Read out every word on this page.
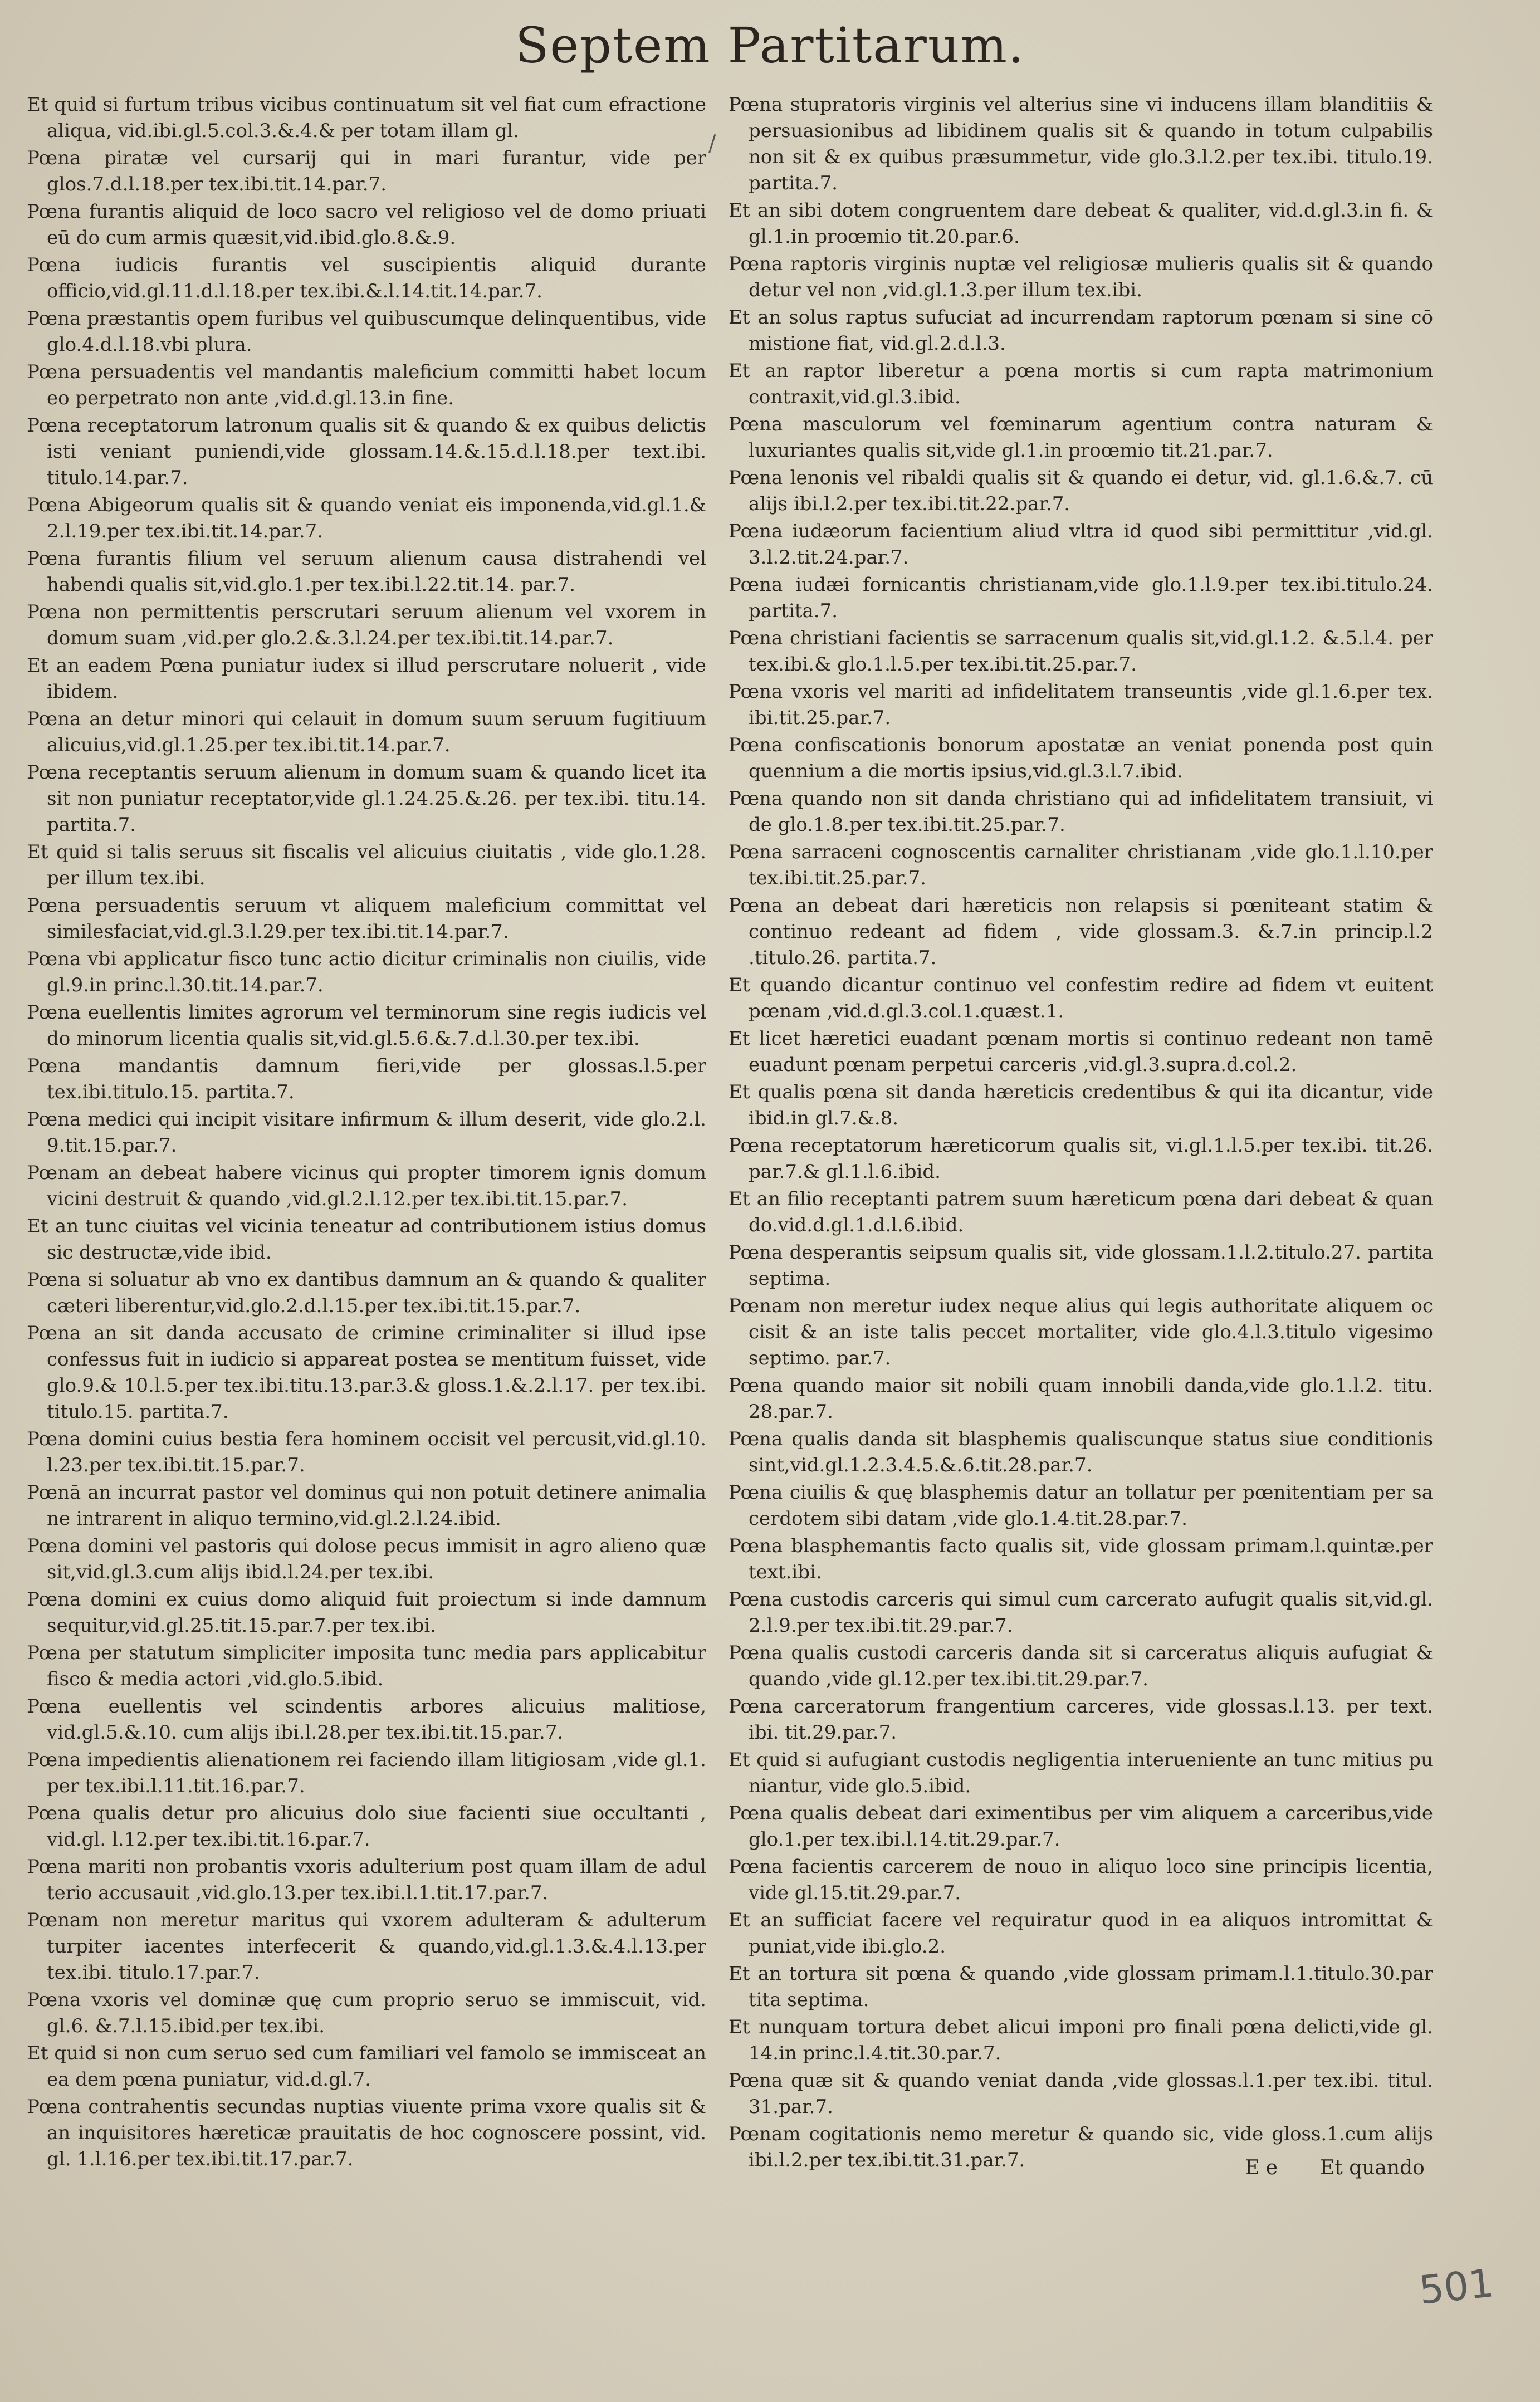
Septem Partitarum.
/
Et quid si furtum tribus vicibus continuatum sit vel fiat cum efractione aliqua, vid.ibi.gl.5.col.3.&.4.& per totam illam gl.
Pœna piratæ vel cursarij qui in mari furantur, vide per glos.7.d.l.18.per tex.ibi.tit.14.par.7.
Pœna furantis aliquid de loco sacro vel religioso vel de domo priuati eū do cum armis quæsit,vid.ibid.glo.8.&.9.
Pœna iudicis furantis vel suscipientis aliquid durante officio,vid.gl.11.d.l.18.per tex.ibi.&.l.14.tit.14.par.7.
Pœna præstantis opem furibus vel quibuscumque delinquentibus, vide glo.4.d.l.18.vbi plura.
Pœna persuadentis vel mandantis maleficium committi habet locum eo perpetrato non ante ,vid.d.gl.13.in fine.
Pœna receptatorum latronum qualis sit & quando & ex quibus delictis isti veniant puniendi,vide glossam.14.&.15.d.l.18.per text.ibi. titulo.14.par.7.
Pœna Abigeorum qualis sit & quando veniat eis imponenda,vid.gl.1.& 2.l.19.per tex.ibi.tit.14.par.7.
Pœna furantis filium vel seruum alienum causa distrahendi vel habendi qualis sit,vid.glo.1.per tex.ibi.l.22.tit.14. par.7.
Pœna non permittentis perscrutari seruum alienum vel vxorem in domum suam ,vid.per glo.2.&.3.l.24.per tex.ibi.tit.14.par.7.
Et an eadem Pœna puniatur iudex si illud perscrutare noluerit , vide ibidem.
Pœna an detur minori qui celauit in domum suum seruum fugitiuum alicuius,vid.gl.1.25.per tex.ibi.tit.14.par.7.
Pœna receptantis seruum alienum in domum suam & quando licet ita sit non puniatur receptator,vide gl.1.24.25.&.26. per tex.ibi. titu.14. partita.7.
Et quid si talis seruus sit fiscalis vel alicuius ciuitatis , vide glo.1.28. per illum tex.ibi.
Pœna persuadentis seruum vt aliquem maleficium committat vel similesfaciat,vid.gl.3.l.29.per tex.ibi.tit.14.par.7.
Pœna vbi applicatur fisco tunc actio dicitur criminalis non ciuilis, vide gl.9.in princ.l.30.tit.14.par.7.
Pœna euellentis limites agrorum vel terminorum sine regis iudicis vel do minorum licentia qualis sit,vid.gl.5.6.&.7.d.l.30.per tex.ibi.
Pœna mandantis damnum fieri,vide per glossas.l.5.per tex.ibi.titulo.15. partita.7.
Pœna medici qui incipit visitare infirmum & illum deserit, vide glo.2.l. 9.tit.15.par.7.
Pœnam an debeat habere vicinus qui propter timorem ignis domum vicini destruit & quando ,vid.gl.2.l.12.per tex.ibi.tit.15.par.7.
Et an tunc ciuitas vel vicinia teneatur ad contributionem istius domus sic destructæ,vide ibid.
Pœna si soluatur ab vno ex dantibus damnum an & quando & qualiter cæteri liberentur,vid.glo.2.d.l.15.per tex.ibi.tit.15.par.7.
Pœna an sit danda accusato de crimine criminaliter si illud ipse confessus fuit in iudicio si appareat postea se mentitum fuisset, vide glo.9.& 10.l.5.per tex.ibi.titu.13.par.3.& gloss.1.&.2.l.17. per tex.ibi. titulo.15. partita.7.
Pœna domini cuius bestia fera hominem occisit vel percusit,vid.gl.10. l.23.per tex.ibi.tit.15.par.7.
Pœnā an incurrat pastor vel dominus qui non potuit detinere animalia ne intrarent in aliquo termino,vid.gl.2.l.24.ibid.
Pœna domini vel pastoris qui dolose pecus immisit in agro alieno quæ sit,vid.gl.3.cum alijs ibid.l.24.per tex.ibi.
Pœna domini ex cuius domo aliquid fuit proiectum si inde damnum sequitur,vid.gl.25.tit.15.par.7.per tex.ibi.
Pœna per statutum simpliciter imposita tunc media pars applicabitur fisco & media actori ,vid.glo.5.ibid.
Pœna euellentis vel scindentis arbores alicuius malitiose, vid.gl.5.&.10. cum alijs ibi.l.28.per tex.ibi.tit.15.par.7.
Pœna impedientis alienationem rei faciendo illam litigiosam ,vide gl.1. per tex.ibi.l.11.tit.16.par.7.
Pœna qualis detur pro alicuius dolo siue facienti siue occultanti , vid.gl. l.12.per tex.ibi.tit.16.par.7.
Pœna mariti non probantis vxoris adulterium post quam illam de adul terio accusauit ,vid.glo.13.per tex.ibi.l.1.tit.17.par.7.
Pœnam non meretur maritus qui vxorem adulteram & adulterum turpiter iacentes interfecerit & quando,vid.gl.1.3.&.4.l.13.per tex.ibi. titulo.17.par.7.
Pœna vxoris vel dominæ quę cum proprio seruo se immiscuit, vid. gl.6. &.7.l.15.ibid.per tex.ibi.
Et quid si non cum seruo sed cum familiari vel famolo se immisceat an ea dem pœna puniatur, vid.d.gl.7.
Pœna contrahentis secundas nuptias viuente prima vxore qualis sit & an inquisitores hæreticæ prauitatis de hoc cognoscere possint, vid. gl. 1.l.16.per tex.ibi.tit.17.par.7.
Pœna stupratoris virginis vel alterius sine vi inducens illam blanditiis & persuasionibus ad libidinem qualis sit & quando in totum culpabilis non sit & ex quibus præsummetur, vide glo.3.l.2.per tex.ibi. titulo.19. partita.7.
Et an sibi dotem congruentem dare debeat & qualiter, vid.d.gl.3.in fi. & gl.1.in proœmio tit.20.par.6.
Pœna raptoris virginis nuptæ vel religiosæ mulieris qualis sit & quando detur vel non ,vid.gl.1.3.per illum tex.ibi.
Et an solus raptus sufuciat ad incurrendam raptorum pœnam si sine cō mistione fiat, vid.gl.2.d.l.3.
Et an raptor liberetur a pœna mortis si cum rapta matrimonium contraxit,vid.gl.3.ibid.
Pœna masculorum vel fœminarum agentium contra naturam & luxuriantes qualis sit,vide gl.1.in proœmio tit.21.par.7.
Pœna lenonis vel ribaldi qualis sit & quando ei detur, vid. gl.1.6.&.7. cū alijs ibi.l.2.per tex.ibi.tit.22.par.7.
Pœna iudæorum facientium aliud vltra id quod sibi permittitur ,vid.gl. 3.l.2.tit.24.par.7.
Pœna iudæi fornicantis christianam,vide glo.1.l.9.per tex.ibi.titulo.24. partita.7.
Pœna christiani facientis se sarracenum qualis sit,vid.gl.1.2. &.5.l.4. per tex.ibi.& glo.1.l.5.per tex.ibi.tit.25.par.7.
Pœna vxoris vel mariti ad infidelitatem transeuntis ,vide gl.1.6.per tex. ibi.tit.25.par.7.
Pœna confiscationis bonorum apostatæ an veniat ponenda post quin quennium a die mortis ipsius,vid.gl.3.l.7.ibid.
Pœna quando non sit danda christiano qui ad infidelitatem transiuit, vi de glo.1.8.per tex.ibi.tit.25.par.7.
Pœna sarraceni cognoscentis carnaliter christianam ,vide glo.1.l.10.per tex.ibi.tit.25.par.7.
Pœna an debeat dari hæreticis non relapsis si pœniteant statim & continuo redeant ad fidem , vide glossam.3. &.7.in princip.l.2 .titulo.26. partita.7.
Et quando dicantur continuo vel confestim redire ad fidem vt euitent pœnam ,vid.d.gl.3.col.1.quæst.1.
Et licet hæretici euadant pœnam mortis si continuo redeant non tamē euadunt pœnam perpetui carceris ,vid.gl.3.supra.d.col.2.
Et qualis pœna sit danda hæreticis credentibus & qui ita dicantur, vide ibid.in gl.7.&.8.
Pœna receptatorum hæreticorum qualis sit, vi.gl.1.l.5.per tex.ibi. tit.26. par.7.& gl.1.l.6.ibid.
Et an filio receptanti patrem suum hæreticum pœna dari debeat & quan do.vid.d.gl.1.d.l.6.ibid.
Pœna desperantis seipsum qualis sit, vide glossam.1.l.2.titulo.27. partita septima.
Pœnam non meretur iudex neque alius qui legis authoritate aliquem oc cisit & an iste talis peccet mortaliter, vide glo.4.l.3.titulo vigesimo septimo. par.7.
Pœna quando maior sit nobili quam innobili danda,vide glo.1.l.2. titu. 28.par.7.
Pœna qualis danda sit blasphemis qualiscunque status siue conditionis sint,vid.gl.1.2.3.4.5.&.6.tit.28.par.7.
Pœna ciuilis & quę blasphemis datur an tollatur per pœnitentiam per sa cerdotem sibi datam ,vide glo.1.4.tit.28.par.7.
Pœna blasphemantis facto qualis sit, vide glossam primam.l.quintæ.per text.ibi.
Pœna custodis carceris qui simul cum carcerato aufugit qualis sit,vid.gl. 2.l.9.per tex.ibi.tit.29.par.7.
Pœna qualis custodi carceris danda sit si carceratus aliquis aufugiat & quando ,vide gl.12.per tex.ibi.tit.29.par.7.
Pœna carceratorum frangentium carceres, vide glossas.l.13. per text. ibi. tit.29.par.7.
Et quid si aufugiant custodis negligentia interueniente an tunc mitius pu niantur, vide glo.5.ibid.
Pœna qualis debeat dari eximentibus per vim aliquem a carceribus,vide glo.1.per tex.ibi.l.14.tit.29.par.7.
Pœna facientis carcerem de nouo in aliquo loco sine principis licentia, vide gl.15.tit.29.par.7.
Et an sufficiat facere vel requiratur quod in ea aliquos intromittat & puniat,vide ibi.glo.2.
Et an tortura sit pœna & quando ,vide glossam primam.l.1.titulo.30.par tita septima.
Et nunquam tortura debet alicui imponi pro finali pœna delicti,vide gl. 14.in princ.l.4.tit.30.par.7.
Pœna quæ sit & quando veniat danda ,vide glossas.l.1.per tex.ibi. titul. 31.par.7.
Pœnam cogitationis nemo meretur & quando sic, vide gloss.1.cum alijs ibi.l.2.per tex.ibi.tit.31.par.7.	E e Et quando
501
